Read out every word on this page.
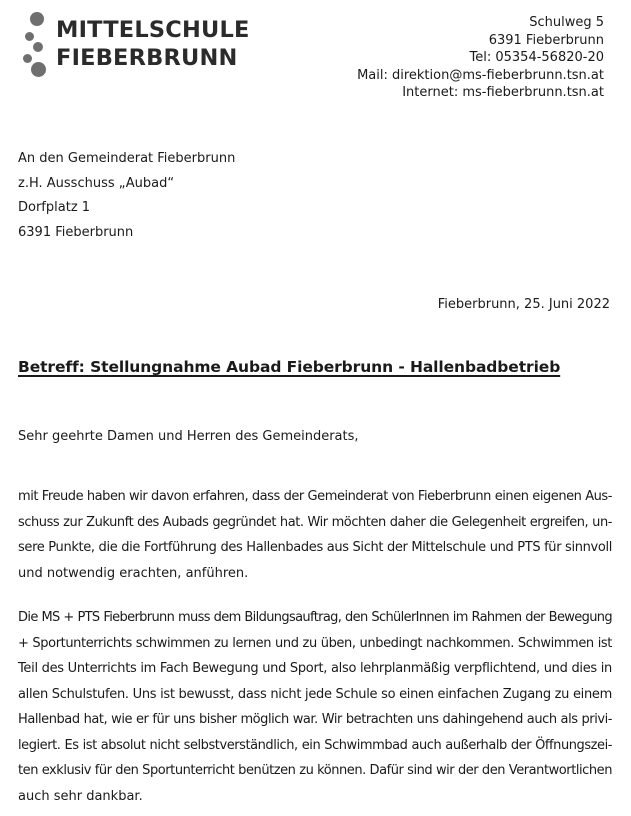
MITTELSCHULE
FIEBERBRUNN
Schulweg 5
6391 Fieberbrunn
Tel: 05354-56820-20
Mail: direktion@ms-fieberbrunn.tsn.at
Internet: ms-fieberbrunn.tsn.at
An den Gemeinderat Fieberbrunn
z.H. Ausschuss „Aubad“
Dorfplatz 1
6391 Fieberbrunn
Fieberbrunn, 25. Juni 2022
Betreff: Stellungnahme Aubad Fieberbrunn - Hallenbadbetrieb
Sehr geehrte Damen und Herren des Gemeinderats,
mit Freude haben wir davon erfahren, dass der Gemeinderat von Fieberbrunn einen eigenen Aus-
schuss zur Zukunft des Aubads gegründet hat. Wir möchten daher die Gelegenheit ergreifen, un-
sere Punkte, die die Fortführung des Hallenbades aus Sicht der Mittelschule und PTS für sinnvoll
und notwendig erachten, anführen.
Die MS + PTS Fieberbrunn muss dem Bildungsauftrag, den SchülerInnen im Rahmen der Bewegung
+ Sportunterrichts schwimmen zu lernen und zu üben, unbedingt nachkommen. Schwimmen ist
Teil des Unterrichts im Fach Bewegung und Sport, also lehrplanmäßig verpflichtend, und dies in
allen Schulstufen. Uns ist bewusst, dass nicht jede Schule so einen einfachen Zugang zu einem
Hallenbad hat, wie er für uns bisher möglich war. Wir betrachten uns dahingehend auch als privi-
legiert. Es ist absolut nicht selbstverständlich, ein Schwimmbad auch außerhalb der Öffnungszei-
ten exklusiv für den Sportunterricht benützen zu können. Dafür sind wir der den Verantwortlichen
auch sehr dankbar.
